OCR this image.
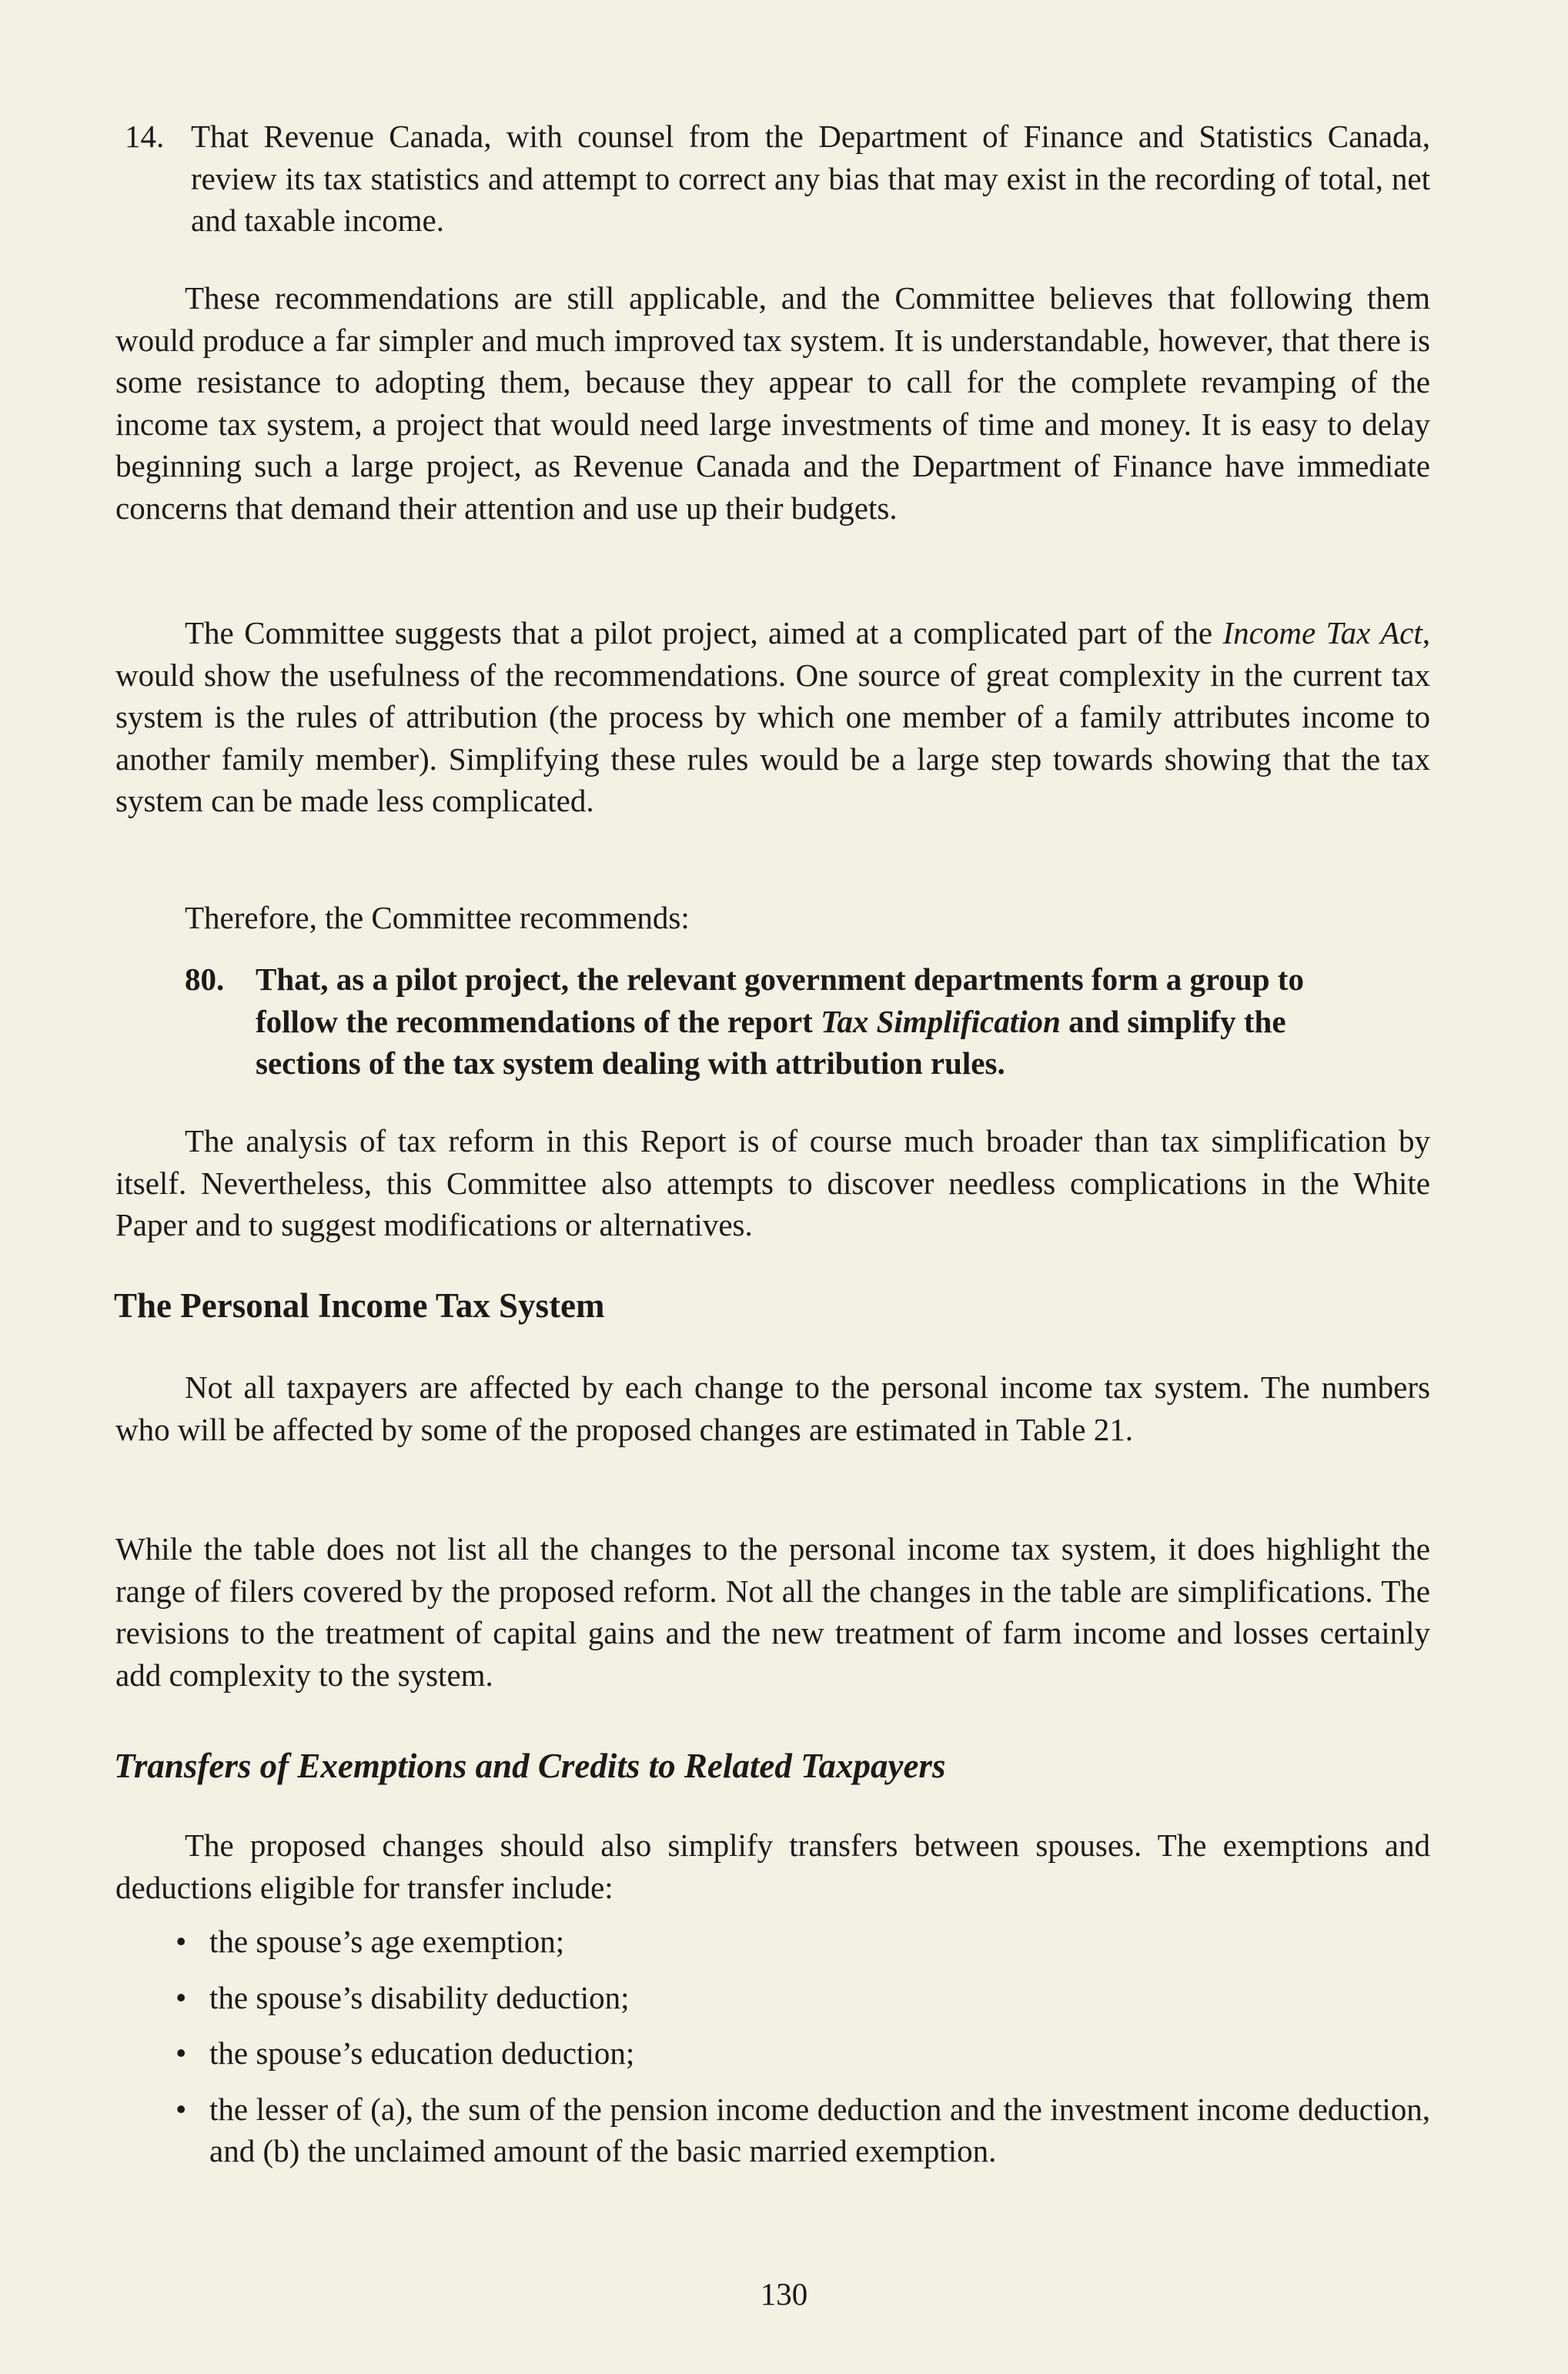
14. That Revenue Canada, with counsel from the Department of Finance and Statistics Canada, review its tax statistics and attempt to correct any bias that may exist in the recording of total, net and taxable income.

These recommendations are still applicable, and the Committee believes that following them would produce a far simpler and much improved tax system. It is understandable, however, that there is some resistance to adopting them, because they appear to call for the complete revamping of the income tax system, a project that would need large investments of time and money. It is easy to delay beginning such a large project, as Revenue Canada and the Department of Finance have immediate concerns that demand their attention and use up their budgets.

The Committee suggests that a pilot project, aimed at a complicated part of the Income Tax Act, would show the usefulness of the recommendations. One source of great complexity in the current tax system is the rules of attribution (the process by which one member of a family attributes income to another family member). Simplifying these rules would be a large step towards showing that the tax system can be made less complicated.

Therefore, the Committee recommends:

80. That, as a pilot project, the relevant government departments form a group to follow the recommendations of the report Tax Simplification and simplify the sections of the tax system dealing with attribution rules.

The analysis of tax reform in this Report is of course much broader than tax simplification by itself. Nevertheless, this Committee also attempts to discover needless complications in the White Paper and to suggest modifications or alternatives.

The Personal Income Tax System

Not all taxpayers are affected by each change to the personal income tax system. The numbers who will be affected by some of the proposed changes are estimated in Table 21.

While the table does not list all the changes to the personal income tax system, it does highlight the range of filers covered by the proposed reform. Not all the changes in the table are simplifications. The revisions to the treatment of capital gains and the new treatment of farm income and losses certainly add complexity to the system.

Transfers of Exemptions and Credits to Related Taxpayers

The proposed changes should also simplify transfers between spouses. The exemptions and deductions eligible for transfer include:

• the spouse’s age exemption;
• the spouse’s disability deduction;
• the spouse’s education deduction;
• the lesser of (a), the sum of the pension income deduction and the investment income deduction, and (b) the unclaimed amount of the basic married exemption.

130
